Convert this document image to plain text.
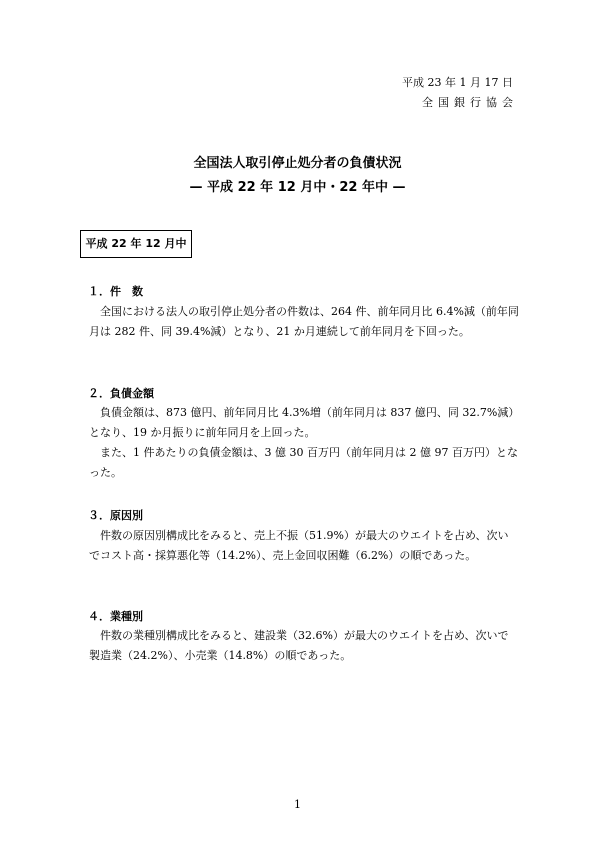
平成 23 年 1 月 17 日
全国銀行協会
全国法人取引停止処分者の負債状況
— 平成 22 年 12 月中・22 年中 —
平成 22 年 12 月中
１．件　数
全国における法人の取引停止処分者の件数は、264 件、前年同月比 6.4%減（前年同月は 282 件、同 39.4%減）となり、21 か月連続して前年同月を下回った。
２．負債金額
負債金額は、873 億円、前年同月比 4.3%増（前年同月は 837 億円、同 32.7%減）となり、19 か月振りに前年同月を上回った。
また、1 件あたりの負債金額は、3 億 30 百万円（前年同月は 2 億 97 百万円）となった。
３．原因別
件数の原因別構成比をみると、売上不振（51.9%）が最大のウエイトを占め、次いでコスト高・採算悪化等（14.2%）、売上金回収困難（6.2%）の順であった。
４．業種別
件数の業種別構成比をみると、建設業（32.6%）が最大のウエイトを占め、次いで製造業（24.2%）、小売業（14.8%）の順であった。
1
